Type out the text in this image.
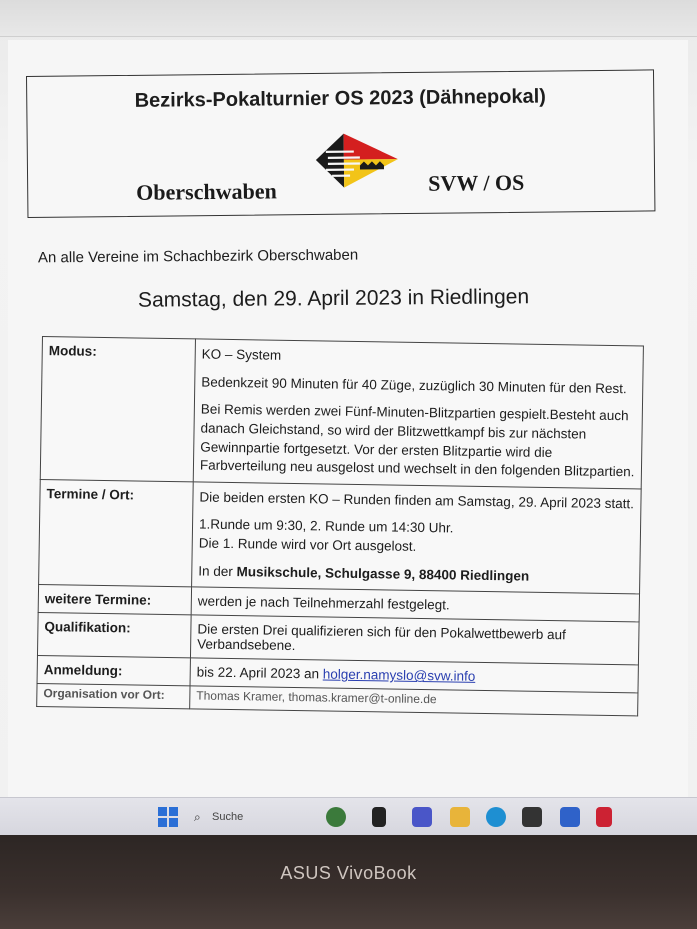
Bezirks-Pokalturnier OS 2023 (Dähnepokal)
Oberschwaben	SVW / OS
An alle Vereine im Schachbezirk Oberschwaben
Samstag, den 29. April 2023 in Riedlingen
Modus:	KO – System

Bedenkzeit 90 Minuten für 40 Züge, zuzüglich 30 Minuten für den Rest.

Bei Remis werden zwei Fünf-Minuten-Blitzpartien gespielt.Besteht auch danach Gleichstand, so wird der Blitzwettkampf bis zur nächsten Gewinnpartie fortgesetzt. Vor der ersten Blitzpartie wird die Farbverteilung neu ausgelost und wechselt in den folgenden Blitzpartien.

Termine / Ort:	Die beiden ersten KO – Runden finden am Samstag, 29. April 2023 statt.

1.Runde um 9:30, 2. Runde um 14:30 Uhr.
Die 1. Runde wird vor Ort ausgelost.

In der Musikschule, Schulgasse 9, 88400 Riedlingen

weitere Termine:	werden je nach Teilnehmerzahl festgelegt.
Qualifikation:	Die ersten Drei qualifizieren sich für den Pokalwettbewerb auf Verbandsebene.
Anmeldung:	bis 22. April 2023 an holger.namyslo@svw.info
Organisation vor Ort:	Thomas Kramer, thomas.kramer@t-online.de
⌕ Suche
ASUS VivoBook
